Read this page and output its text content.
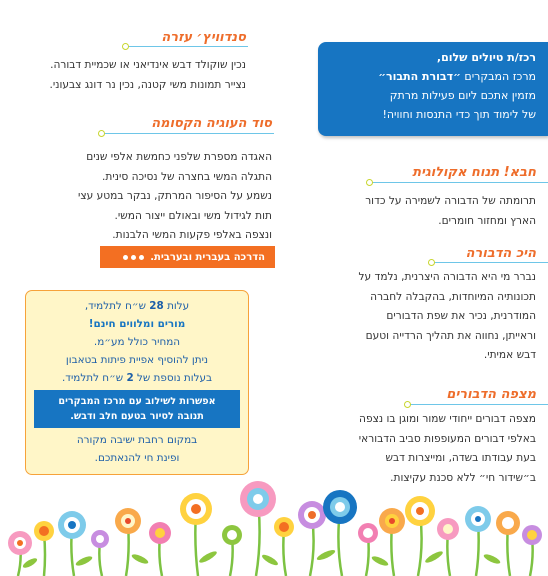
רכז/ת טיולים שלום,
מרכז המבקרים ״דבורת התבור״
מזמין אתכם ליום פעילות מרתק
של לימוד תוך כדי התנסות וחוויה!
סנדוויץ׳ עזרה
נכין שוקולד דבש אינדיאני או שכמיית דבורה.
נצייר תמונות משי קטנה, נכין נר דונג צבעוני.
סוד העוגיה הקסומה
האגדה מספרת שלפני כחמשת אלפי שנים
התגלה המשי בחצרה של נסיכה סינית.
נשמע על הסיפור המרתק, נבקר במטע עצי
תות לגידול משי ובאולם ייצור המשי.
ונצפה באלפי פקעות המשי הלבנות.
הדרכה בעברית ובערבית.
עלות 28 ש״ח לתלמיד,
מורים ומלווים חינם!
המחיר כולל מע״מ.
ניתן להוסיף אפיית פיתות בטאבון
בעלות נוספת של 2 ש״ח לתלמיד.
אפשרות לשילוב עם מרכז המבקרים
תנובה לסיור בטעם חלב ודבש.
במקום רחבת ישיבה מקורה
ופינת חי להנאתכם.
חבא! תנוח אקולוגית
תרומתה של הדבורה לשמירה על כדור
הארץ ומחזור חומרים.
היכ הדבורה
נברר מי היא הדבורה היצרנית, נלמד על
תכונותיה המיוחדות, בהקבלה לחברה
המודרנית, נכיר את שפת הדבורים
וראייתן, נחווה את תהליך הרדייה וטעם
דבש אמיתי.
מצפה הדבורים
מצפה דבורים ייחודי שמור ומוגן בו נצפה
באלפי דבורים המעופפות סביב הדבוראי
בעת עבודתו בשדה, ומייצרות דבש
ב״שידור חי״ ללא סכנת עקיצות.
